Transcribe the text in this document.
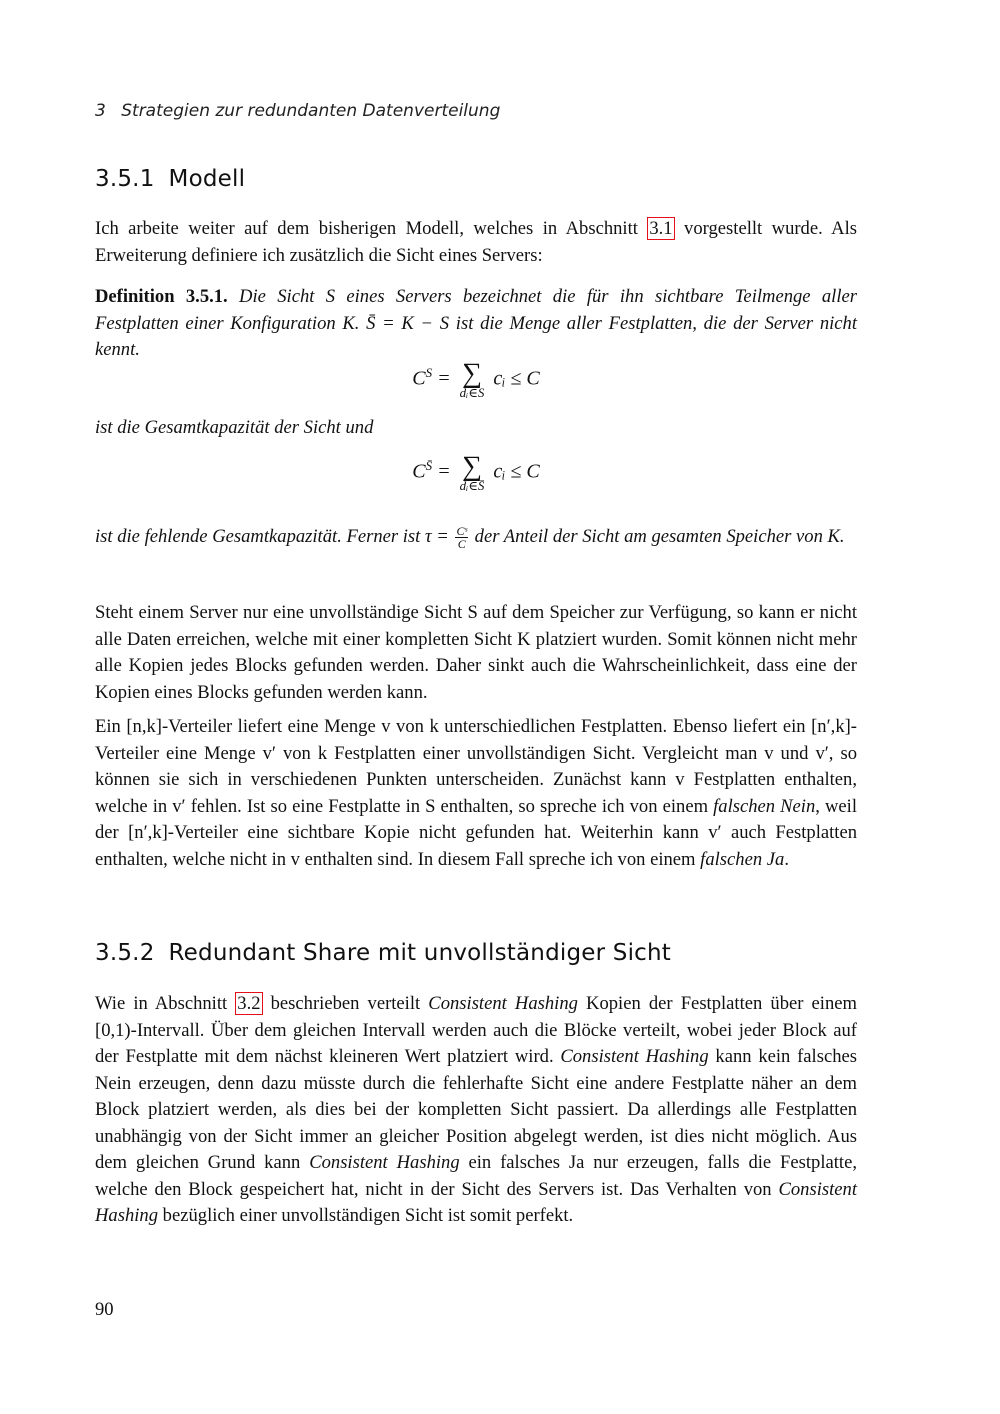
3 Strategien zur redundanten Datenverteilung
3.5.1 Modell

Ich arbeite weiter auf dem bisherigen Modell, welches in Abschnitt 3.1 vorgestellt wurde. Als Erweiterung definiere ich zusätzlich die Sicht eines Servers:

Definition 3.5.1. Die Sicht S eines Servers bezeichnet die für ihn sichtbare Teilmenge aller Festplatten einer Konfiguration K. S̄ = K − S ist die Menge aller Festplatten, die der Server nicht kennt.

$C^S$ = ∑
dᵢ∈S
cᵢ ≤ C

ist die Gesamtkapazität der Sicht und

$C^{S̄}$ = ∑
dᵢ∈S̄
cᵢ ≤ C

ist die fehlende Gesamtkapazität. Ferner ist $\tau = \frac{\text{Cˢ}}{C}$ der Anteil der Sicht am gesamten Speicher von K.

Steht einem Server nur eine unvollständige Sicht S auf dem Speicher zur Verfügung, so kann er nicht alle Daten erreichen, welche mit einer kompletten Sicht K platziert wurden. Somit können nicht mehr alle Kopien jedes Blocks gefunden werden. Daher sinkt auch die Wahrscheinlichkeit, dass eine der Kopien eines Blocks gefunden werden kann.

Ein [n,k]-Verteiler liefert eine Menge v von k unterschiedlichen Festplatten. Ebenso liefert ein [n′,k]-Verteiler eine Menge v′ von k Festplatten einer unvollständigen Sicht. Vergleicht man v und v′, so können sie sich in verschiedenen Punkten unterscheiden. Zunächst kann v Festplatten enthalten, welche in v′ fehlen. Ist so eine Festplatte in S enthalten, so spreche ich von einem falschen Nein, weil der [n′,k]-Verteiler eine sichtbare Kopie nicht gefunden hat. Weiterhin kann v′ auch Festplatten enthalten, welche nicht in v enthalten sind. In diesem Fall spreche ich von einem falschen Ja.

3.5.2 Redundant Share mit unvollständiger Sicht

Wie in Abschnitt 3.2 beschrieben verteilt Consistent Hashing Kopien der Festplatten über einem [0,1)-Intervall. Über dem gleichen Intervall werden auch die Blöcke verteilt, wobei jeder Block auf der Festplatte mit dem nächst kleineren Wert platziert wird. Consistent Hashing kann kein falsches Nein erzeugen, denn dazu müsste durch die fehlerhafte Sicht eine andere Festplatte näher an dem Block platziert werden, als dies bei der kompletten Sicht passiert. Da allerdings alle Festplatten unabhängig von der Sicht immer an gleicher Position abgelegt werden, ist dies nicht möglich. Aus dem gleichen Grund kann Consistent Hashing ein falsches Ja nur erzeugen, falls die Festplatte, welche den Block gespeichert hat, nicht in der Sicht des Servers ist. Das Verhalten von Consistent Hashing bezüglich einer unvollständigen Sicht ist somit perfekt.

90
